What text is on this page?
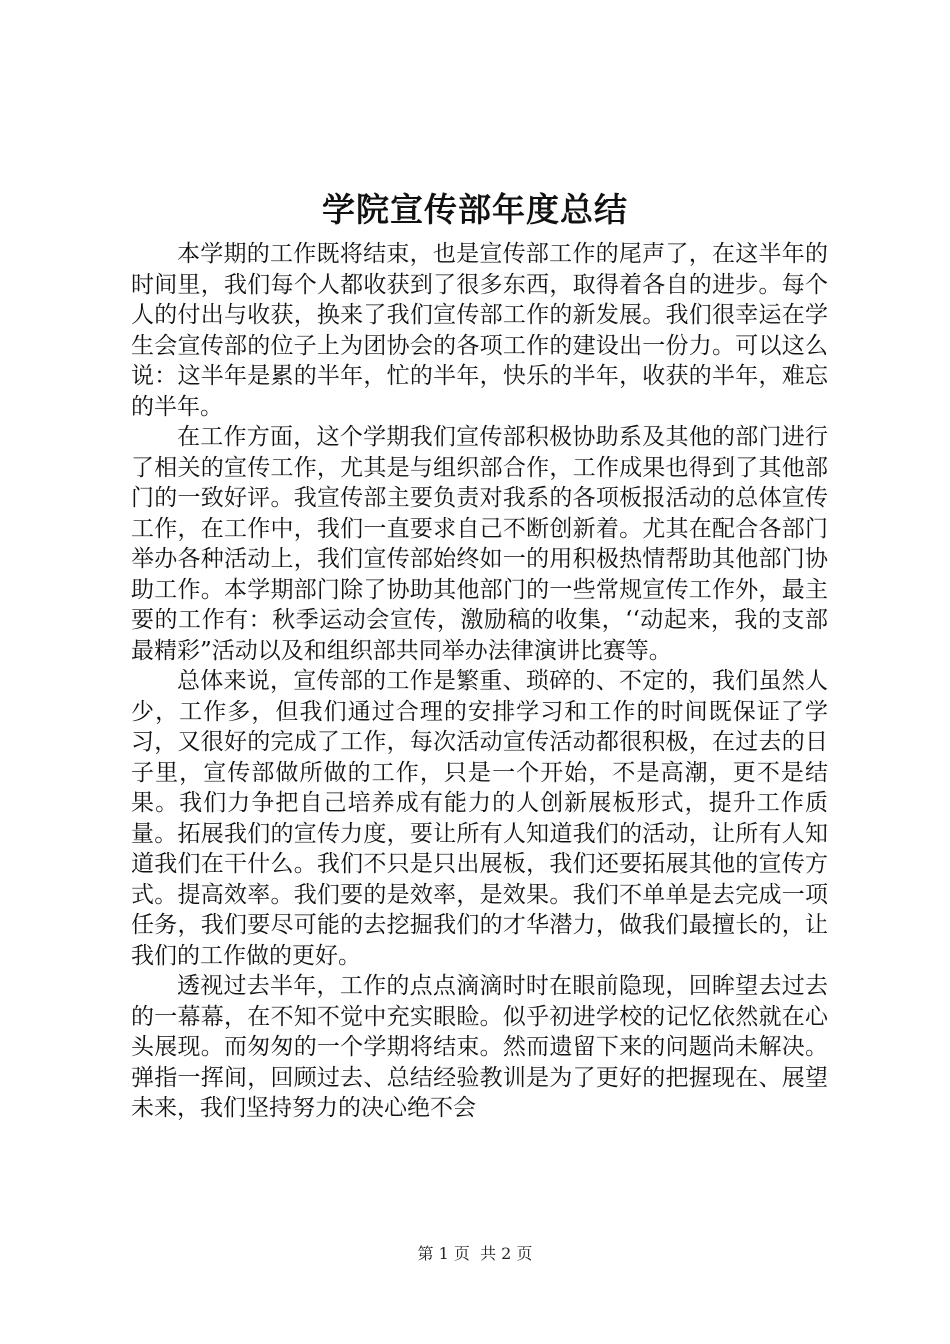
学院宣传部年度总结

本学期的工作既将结束，也是宣传部工作的尾声了，在这半年的时间里，我们每个人都收获到了很多东西，取得着各自的进步。每个人的付出与收获，换来了我们宣传部工作的新发展。我们很幸运在学生会宣传部的位子上为团协会的各项工作的建设出一份力。可以这么说：这半年是累的半年，忙的半年，快乐的半年，收获的半年，难忘的半年。

在工作方面，这个学期我们宣传部积极协助系及其他的部门进行了相关的宣传工作，尤其是与组织部合作，工作成果也得到了其他部门的一致好评。我宣传部主要负责对我系的各项板报活动的总体宣传工作，在工作中，我们一直要求自己不断创新着。尤其在配合各部门举办各种活动上，我们宣传部始终如一的用积极热情帮助其他部门协助工作。本学期部门除了协助其他部门的一些常规宣传工作外，最主要的工作有：秋季运动会宣传，激励稿的收集，‘‘动起来，我的支部最精彩”活动以及和组织部共同举办法律演讲比赛等。

总体来说，宣传部的工作是繁重、琐碎的、不定的，我们虽然人少，工作多，但我们通过合理的安排学习和工作的时间既保证了学习，又很好的完成了工作，每次活动宣传活动都很积极，在过去的日子里，宣传部做所做的工作，只是一个开始，不是高潮，更不是结果。我们力争把自己培养成有能力的人创新展板形式，提升工作质量。拓展我们的宣传力度，要让所有人知道我们的活动，让所有人知道我们在干什么。我们不只是只出展板，我们还要拓展其他的宣传方式。提高效率。我们要的是效率，是效果。我们不单单是去完成一项任务，我们要尽可能的去挖掘我们的才华潜力，做我们最擅长的，让我们的工作做的更好。

透视过去半年，工作的点点滴滴时时在眼前隐现，回眸望去过去的一幕幕，在不知不觉中充实眼睑。似乎初进学校的记忆依然就在心头展现。而匆匆的一个学期将结束。然而遗留下来的问题尚未解决。弹指一挥间，回顾过去、总结经验教训是为了更好的把握现在、展望未来，我们坚持努力的决心绝不会

第 1 页 共 2 页
